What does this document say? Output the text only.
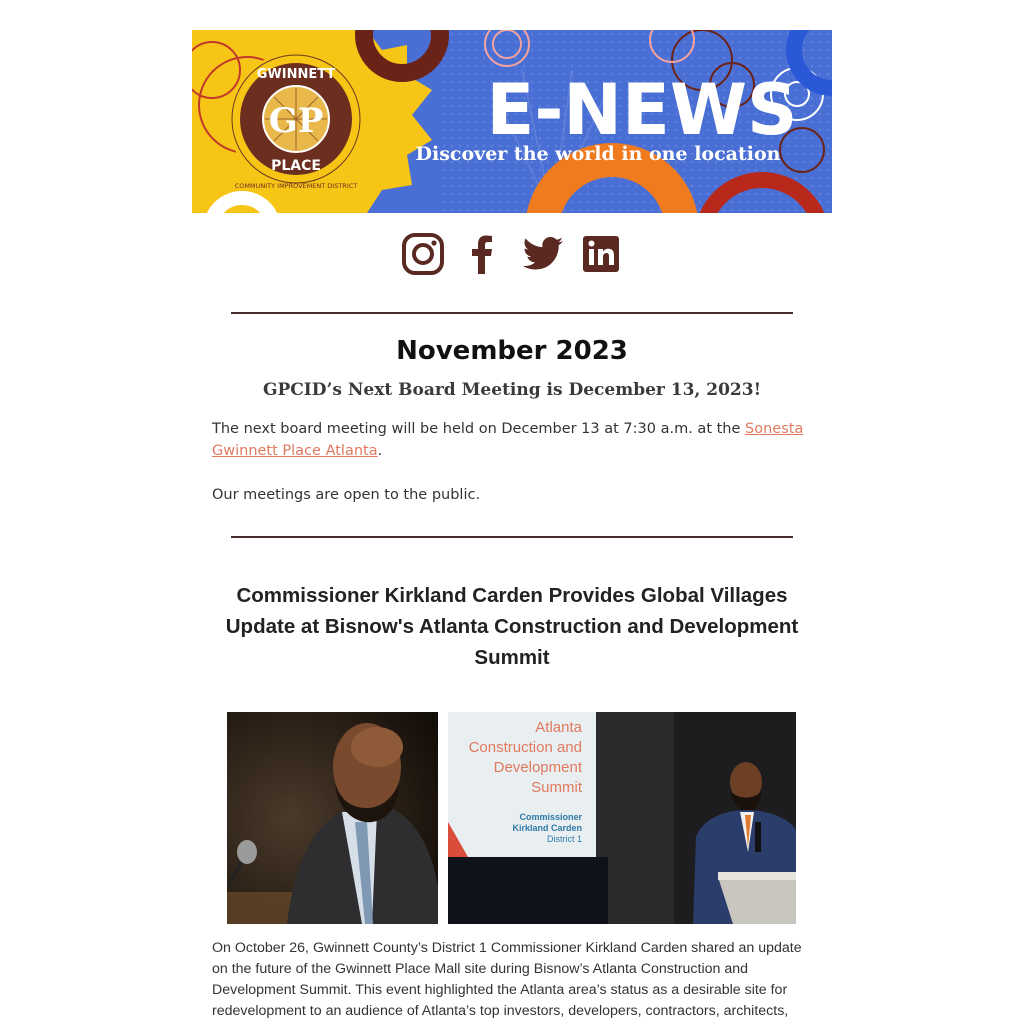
GP
GWINNETT
PLACE
COMMUNITY IMPROVEMENT DISTRICT
E-NEWS
Discover the world in one location
November 2023
GPCID’s Next Board Meeting is December 13, 2023!

The next board meeting will be held on December 13 at 7:30 a.m. at the Sonesta Gwinnett Place Atlanta.

Our meetings are open to the public.

Commissioner Kirkland Carden Provides Global Villages Update at Bisnow's Atlanta Construction and Development Summit
Atlanta
Construction and
Development
Summit
Commissioner
Kirkland Carden
District 1

On October 26, Gwinnett County’s District 1 Commissioner Kirkland Carden shared an update on the future of the Gwinnett Place Mall site during Bisnow’s Atlanta Construction and Development Summit. This event highlighted the Atlanta area’s status as a desirable site for redevelopment to an audience of Atlanta’s top investors, developers, contractors, architects,
